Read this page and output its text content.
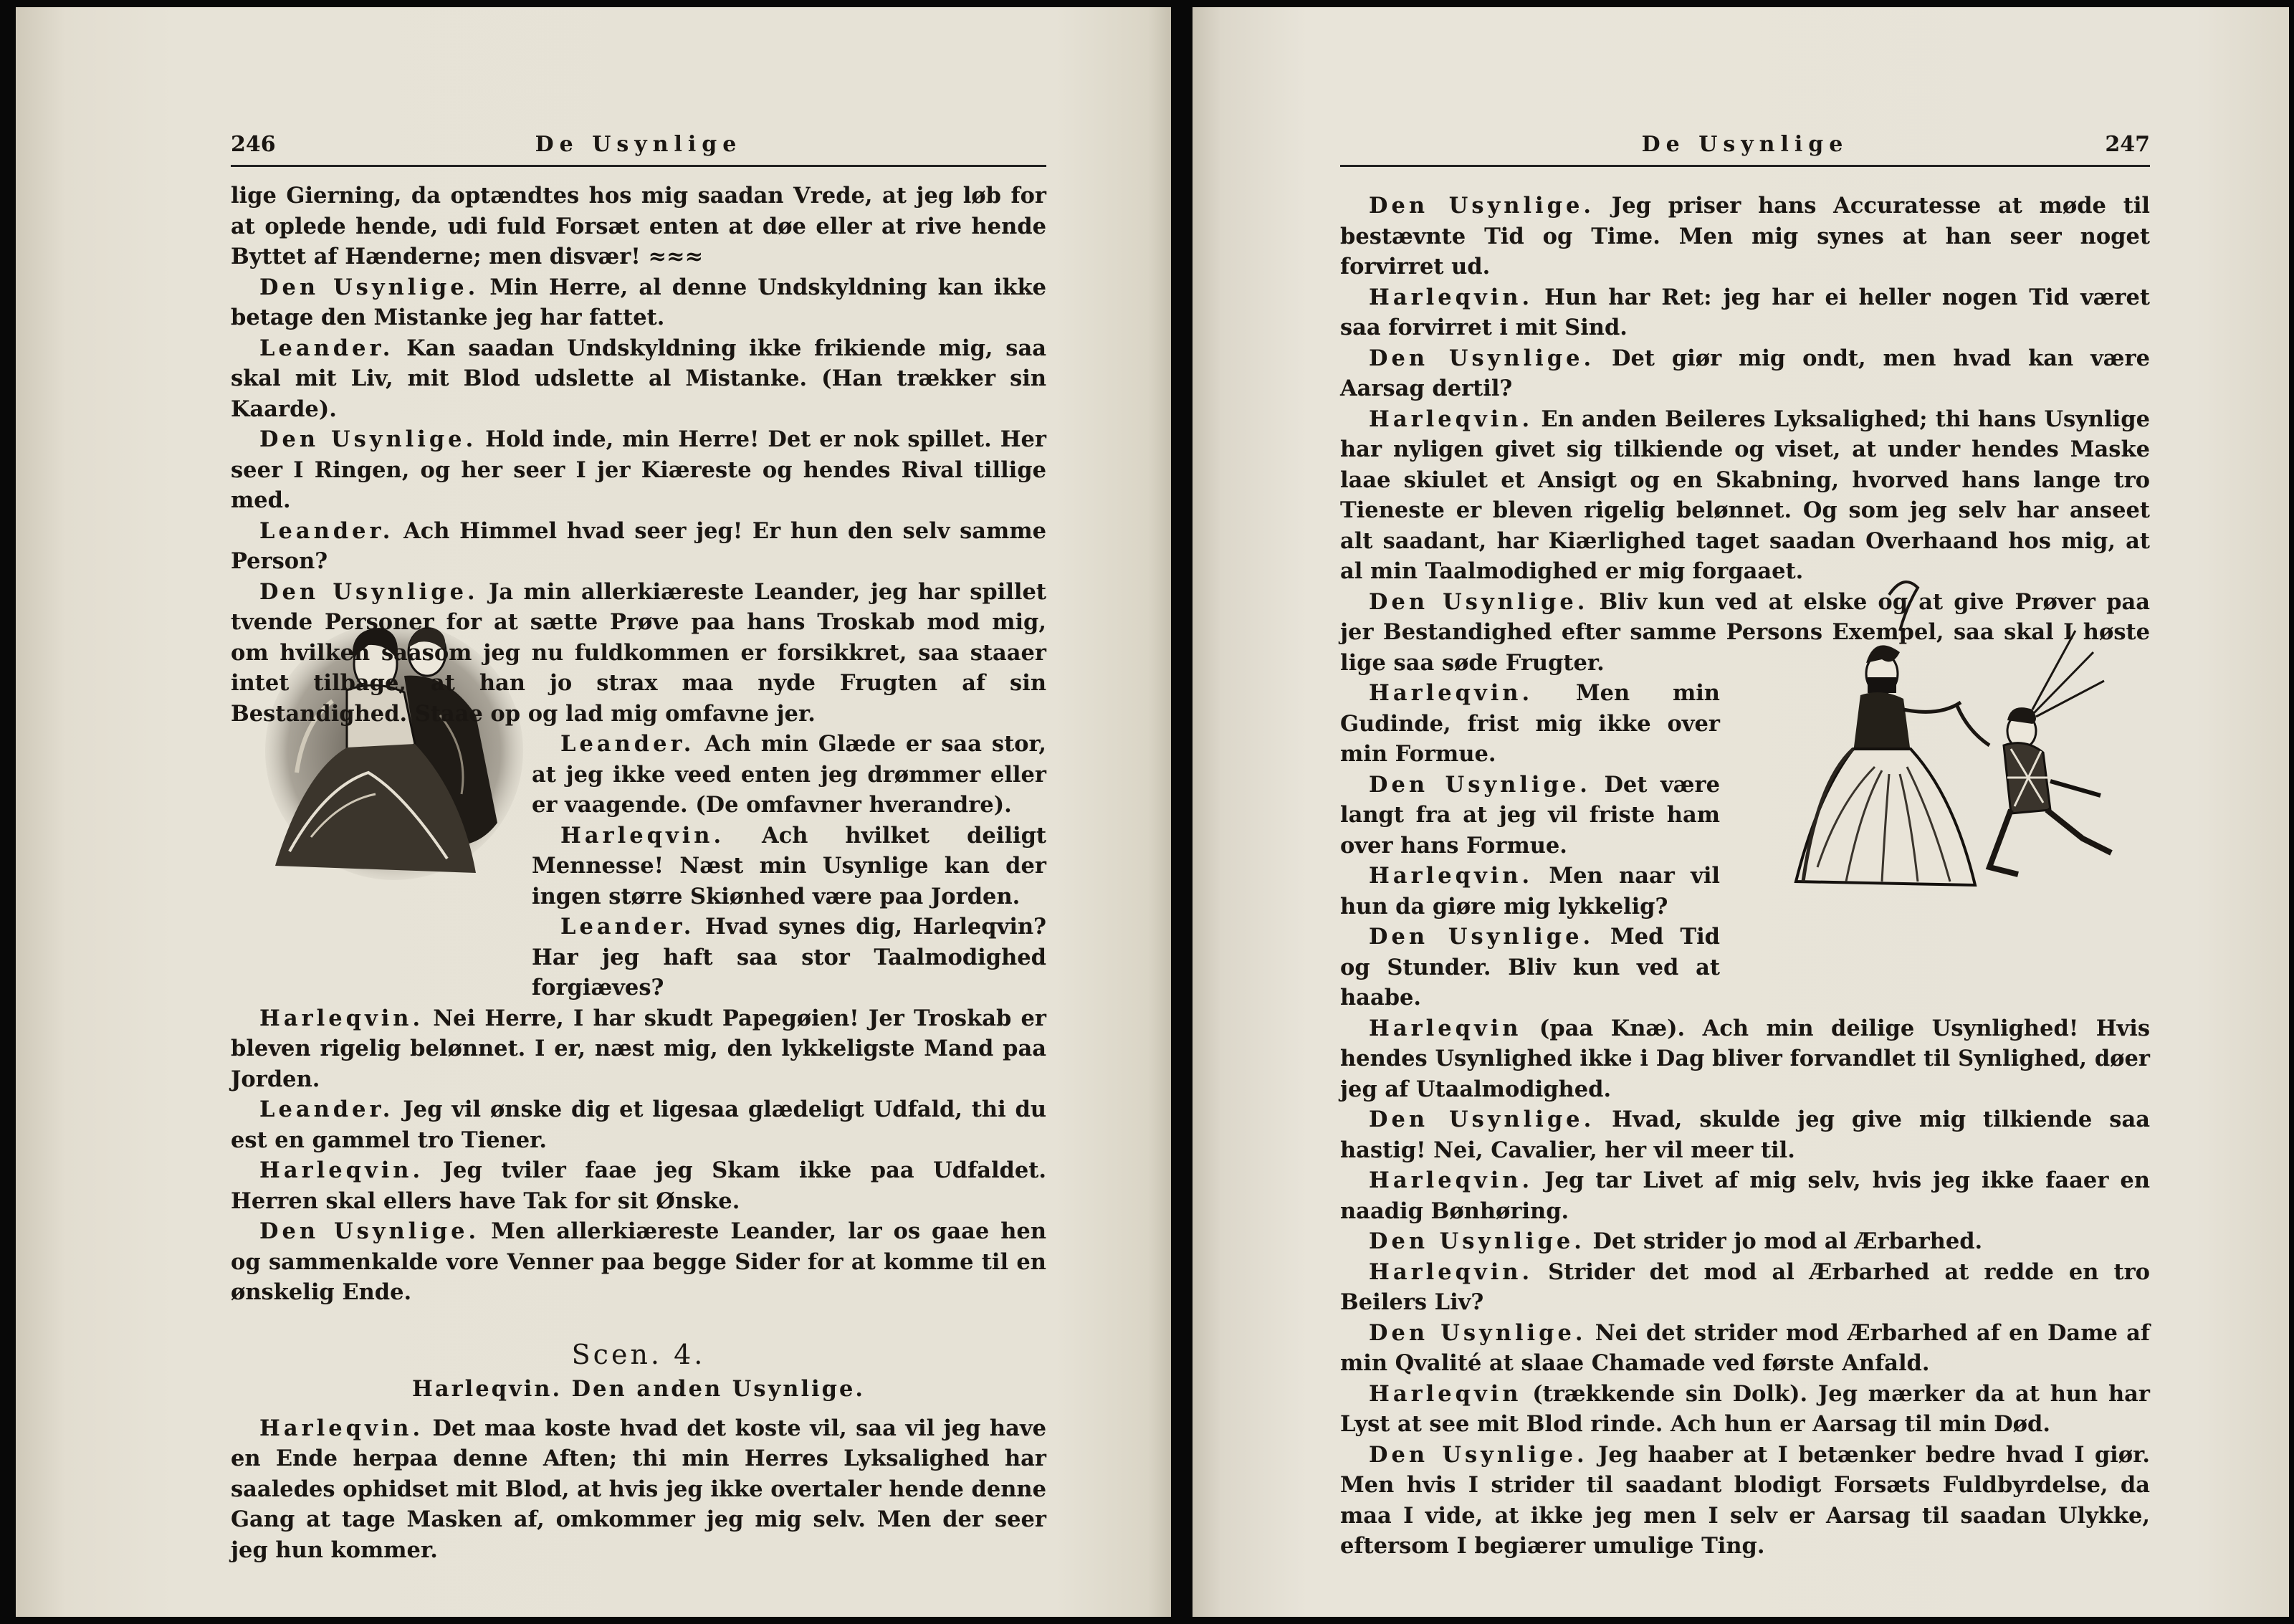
246	De Usynlige

lige Gierning, da optændtes hos mig saadan Vrede, at jeg løb for at oplede hende, udi fuld Forsæt enten at døe eller at rive hende Byttet af Hænderne; men disvær! ≈≈≈

Den Usynlige. Min Herre, al denne Undskyldning kan ikke betage den Mistanke jeg har fattet.

Leander. Kan saadan Undskyldning ikke frikiende mig, saa skal mit Liv, mit Blod udslette al Mistanke. (Han trækker sin Kaarde).

Den Usynlige. Hold inde, min Herre! Det er nok spillet. Her seer I Ringen, og her seer I jer Kiæreste og hendes Rival tillige med.

Leander. Ach Himmel hvad seer jeg! Er hun den selv samme Person?

Den Usynlige. Ja min allerkiæreste Leander, jeg har spillet tvende Personer for at sætte Prøve paa hans Troskab mod mig, om hvilken saasom jeg nu fuldkommen er forsikkret, saa staaer intet tilbage, at han jo strax maa nyde Frugten af sin Bestandighed. Staae op og lad mig omfavne jer.

Leander. Ach min Glæde er saa stor, at jeg ikke veed enten jeg drømmer eller er vaagende. (De omfavner hverandre).

Harleqvin. Ach hvilket deiligt Mennesse! Næst min Usynlige kan der ingen større Skiønhed være paa Jorden.

Leander. Hvad synes dig, Harleqvin? Har jeg haft saa stor Taalmodighed forgiæves?

Harleqvin. Nei Herre, I har skudt Papegøien! Jer Troskab er bleven rigelig belønnet. I er, næst mig, den lykkeligste Mand paa Jorden.

Leander. Jeg vil ønske dig et ligesaa glædeligt Udfald, thi du est en gammel tro Tiener.

Harleqvin. Jeg tviler faae jeg Skam ikke paa Udfaldet. Herren skal ellers have Tak for sit Ønske.

Den Usynlige. Men allerkiæreste Leander, lar os gaae hen og sammenkalde vore Venner paa begge Sider for at komme til en ønskelig Ende.

Scen. 4.

Harleqvin. Den anden Usynlige.

Harleqvin. Det maa koste hvad det koste vil, saa vil jeg have en Ende herpaa denne Aften; thi min Herres Lyksalighed har saaledes ophidset mit Blod, at hvis jeg ikke overtaler hende denne Gang at tage Masken af, omkommer jeg mig selv. Men der seer jeg hun kommer.

De Usynlige	247

Den Usynlige. Jeg priser hans Accuratesse at møde til bestævnte Tid og Time. Men mig synes at han seer noget forvirret ud.

Harleqvin. Hun har Ret: jeg har ei heller nogen Tid været saa forvirret i mit Sind.

Den Usynlige. Det giør mig ondt, men hvad kan være Aarsag dertil?

Harleqvin. En anden Beileres Lyksalighed; thi hans Usynlige har nyligen givet sig tilkiende og viset, at under hendes Maske laae skiulet et Ansigt og en Skabning, hvorved hans lange tro Tieneste er bleven rigelig belønnet. Og som jeg selv har anseet alt saadant, har Kiærlighed taget saadan Overhaand hos mig, at al min Taalmodighed er mig forgaaet.

Den Usynlige. Bliv kun ved at elske og at give Prøver paa jer Bestandighed efter samme Persons Exempel, saa skal I høste lige saa søde Frugter.

Harleqvin. Men min Gudinde, frist mig ikke over min Formue.

Den Usynlige. Det være langt fra at jeg vil friste ham over hans Formue.

Harleqvin. Men naar vil hun da giøre mig lykkelig?

Den Usynlige. Med Tid og Stunder. Bliv kun ved at haabe.

Harleqvin (paa Knæ). Ach min deilige Usynlighed! Hvis hendes Usynlighed ikke i Dag bliver forvandlet til Synlighed, døer jeg af Utaalmodighed.

Den Usynlige. Hvad, skulde jeg give mig tilkiende saa hastig! Nei, Cavalier, her vil meer til.

Harleqvin. Jeg tar Livet af mig selv, hvis jeg ikke faaer en naadig Bønhøring.

Den Usynlige. Det strider jo mod al Ærbarhed.

Harleqvin. Strider det mod al Ærbarhed at redde en tro Beilers Liv?

Den Usynlige. Nei det strider mod Ærbarhed af en Dame af min Qvalité at slaae Chamade ved første Anfald.

Harleqvin (trækkende sin Dolk). Jeg mærker da at hun har Lyst at see mit Blod rinde. Ach hun er Aarsag til min Død.

Den Usynlige. Jeg haaber at I betænker bedre hvad I giør. Men hvis I strider til saadant blodigt Forsæts Fuldbyrdelse, da maa I vide, at ikke jeg men I selv er Aarsag til saadan Ulykke, eftersom I begiærer umulige Ting.
